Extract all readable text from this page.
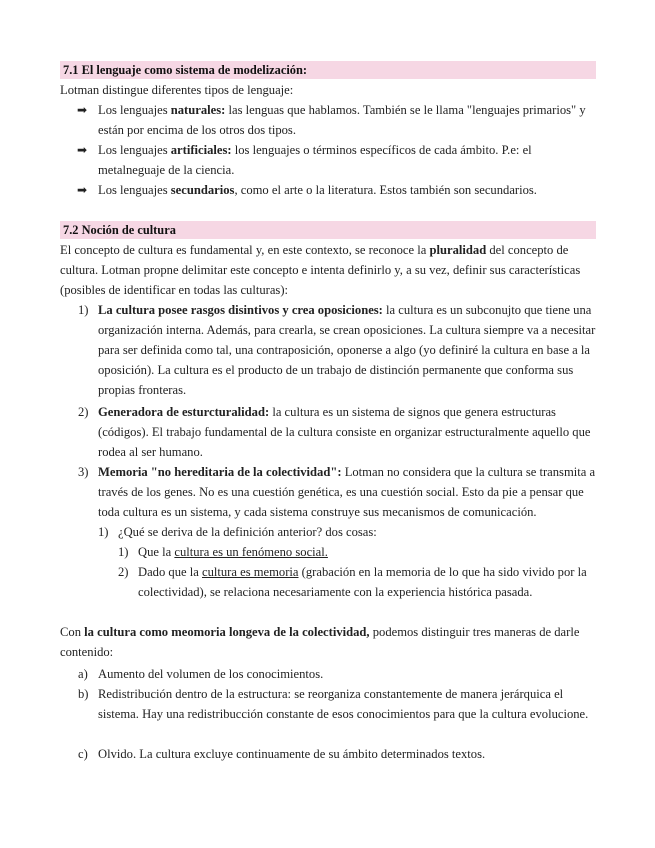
7.1 El lenguaje como sistema de modelización:
Lotman distingue diferentes tipos de lenguaje:
➡ Los lenguajes naturales: las lenguas que hablamos. También se le llama "lenguajes primarios" y están por encima de los otros dos tipos.
➡ Los lenguajes artificiales: los lenguajes o términos específicos de cada ámbito. P.e: el metalneguaje de la ciencia.
➡ Los lenguajes secundarios, como el arte o la literatura. Estos también son secundarios.
7.2 Noción de cultura
El concepto de cultura es fundamental y, en este contexto, se reconoce la pluralidad del concepto de cultura. Lotman propne delimitar este concepto e intenta definirlo y, a su vez, definir sus características (posibles de identificar en todas las culturas):
1) La cultura posee rasgos disintivos y crea oposiciones: la cultura es un subconujto que tiene una organización interna. Además, para crearla, se crean oposiciones. La cultura siempre va a necesitar para ser definida como tal, una contraposición, oponerse a algo (yo definiré la cultura en base a la oposición). La cultura es el producto de un trabajo de distinción permanente que conforma sus propias fronteras.
2) Generadora de esturcturalidad: la cultura es un sistema de signos que genera estructuras (códigos). El trabajo fundamental de la cultura consiste en organizar estructuralmente aquello que rodea al ser humano.
3) Memoria "no hereditaria de la colectividad": Lotman no considera que la cultura se transmita a través de los genes. No es una cuestión genética, es una cuestión social. Esto da pie a pensar que toda cultura es un sistema, y cada sistema construye sus mecanismos de comunicación.
1) ¿Qué se deriva de la definición anterior? dos cosas:
1) Que la cultura es un fenómeno social.
2) Dado que la cultura es memoria (grabación en la memoria de lo que ha sido vivido por la colectividad), se relaciona necesariamente con la experiencia histórica pasada.
Con la cultura como meomoria longeva de la colectividad, podemos distinguir tres maneras de darle contenido:
a) Aumento del volumen de los conocimientos.
b) Redistribución dentro de la estructura: se reorganiza constantemente de manera jerárquica el sistema. Hay una redistribucción constante de esos conocimientos para que la cultura evolucione.
c) Olvido. La cultura excluye continuamente de su ámbito determinados textos.
